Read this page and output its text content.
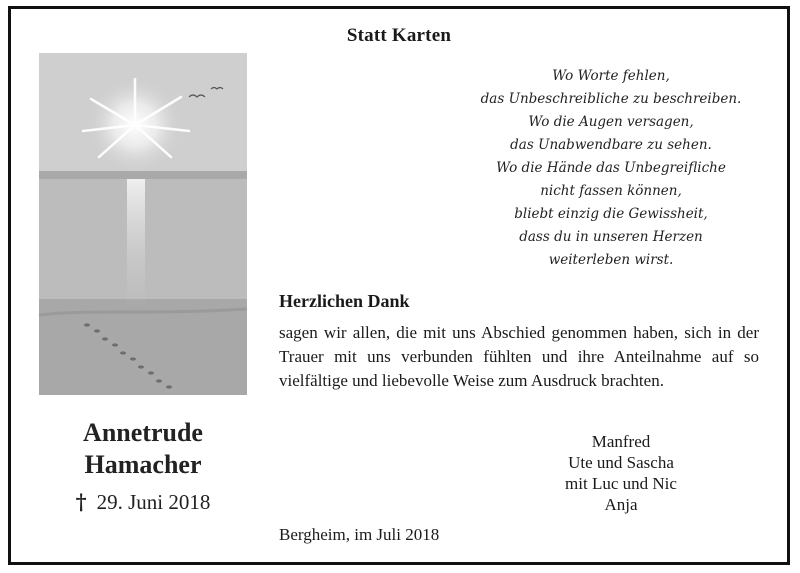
Statt Karten
Wo Worte fehlen,
das Unbeschreibliche zu beschreiben.
Wo die Augen versagen,
das Unabwendbare zu sehen.
Wo die Hände das Unbegreifliche
nicht fassen können,
bliebt einzig die Gewissheit,
dass du in unseren Herzen
weiterleben wirst.
Herzlichen Dank
sagen wir allen, die mit uns Abschied genommen haben, sich in der Trauer mit uns verbunden fühlten und ihre Anteilnahme auf so vielfältige und liebevolle Weise zum Ausdruck brachten.
Annetrude
Hamacher
† 29. Juni 2018
Manfred
Ute und Sascha
mit Luc und Nic
Anja
Bergheim, im Juli 2018
